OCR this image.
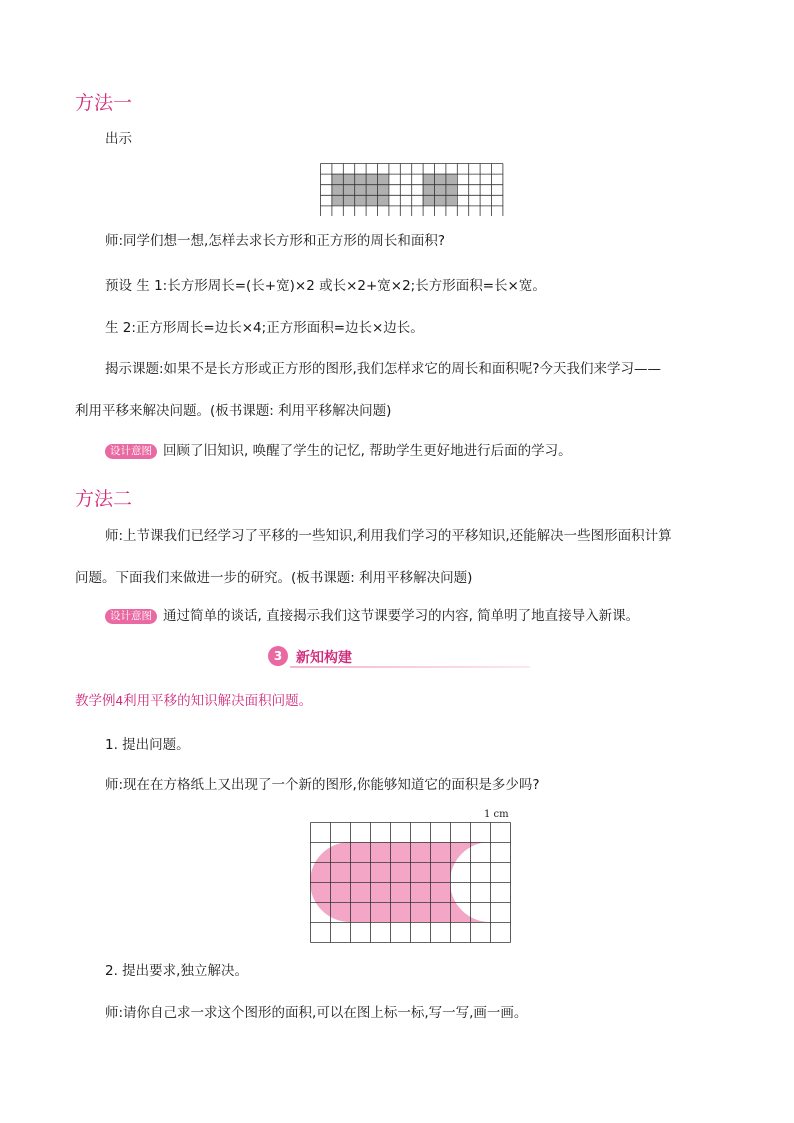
方法一
出示
师:同学们想一想,怎样去求长方形和正方形的周长和面积?
预设 生 1:长方形周长=(长+宽)×2 或长×2+宽×2;长方形面积=长×宽。
生 2:正方形周长=边长×4;正方形面积=边长×边长。
揭示课题:如果不是长方形或正方形的图形,我们怎样求它的周长和面积呢?今天我们来学习——
利用平移来解决问题。(板书课题: 利用平移解决问题)
设计意图 回顾了旧知识, 唤醒了学生的记忆, 帮助学生更好地进行后面的学习。
方法二
师:上节课我们已经学习了平移的一些知识,利用我们学习的平移知识,还能解决一些图形面积计算
问题。下面我们来做进一步的研究。(板书课题: 利用平移解决问题)
设计意图 通过简单的谈话, 直接揭示我们这节课要学习的内容, 简单明了地直接导入新课。
3 新知构建
教学例4利用平移的知识解决面积问题。
1. 提出问题。
师:现在在方格纸上又出现了一个新的图形,你能够知道它的面积是多少吗?
1 cm
2. 提出要求,独立解决。
师:请你自己求一求这个图形的面积,可以在图上标一标,写一写,画一画。
